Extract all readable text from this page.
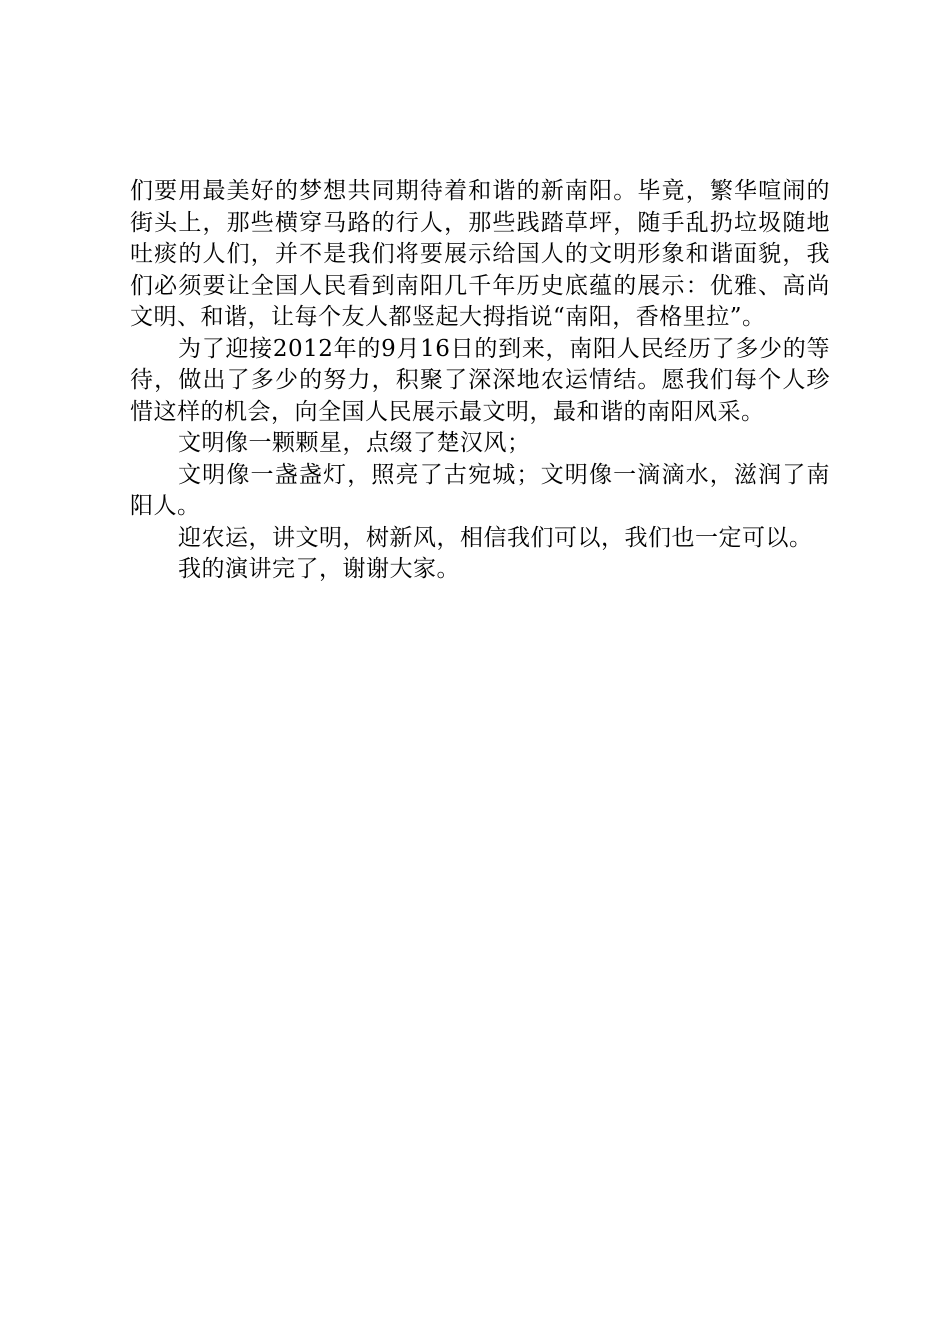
们要用最美好的梦想共同期待着和谐的新南阳。毕竟，繁华喧闹的街头上，那些横穿马路的行人，那些践踏草坪，随手乱扔垃圾随地吐痰的人们，并不是我们将要展示给国人的文明形象和谐面貌，我们必须要让全国人民看到南阳几千年历史底蕴的展示：优雅、高尚文明、和谐，让每个友人都竖起大拇指说“南阳，香格里拉”。

为了迎接2012年的9月16日的到来，南阳人民经历了多少的等待，做出了多少的努力，积聚了深深地农运情结。愿我们每个人珍惜这样的机会，向全国人民展示最文明，最和谐的南阳风采。

文明像一颗颗星，点缀了楚汉风；

文明像一盏盏灯，照亮了古宛城；文明像一滴滴水，滋润了南阳人。

迎农运，讲文明，树新风，相信我们可以，我们也一定可以。

我的演讲完了，谢谢大家。
